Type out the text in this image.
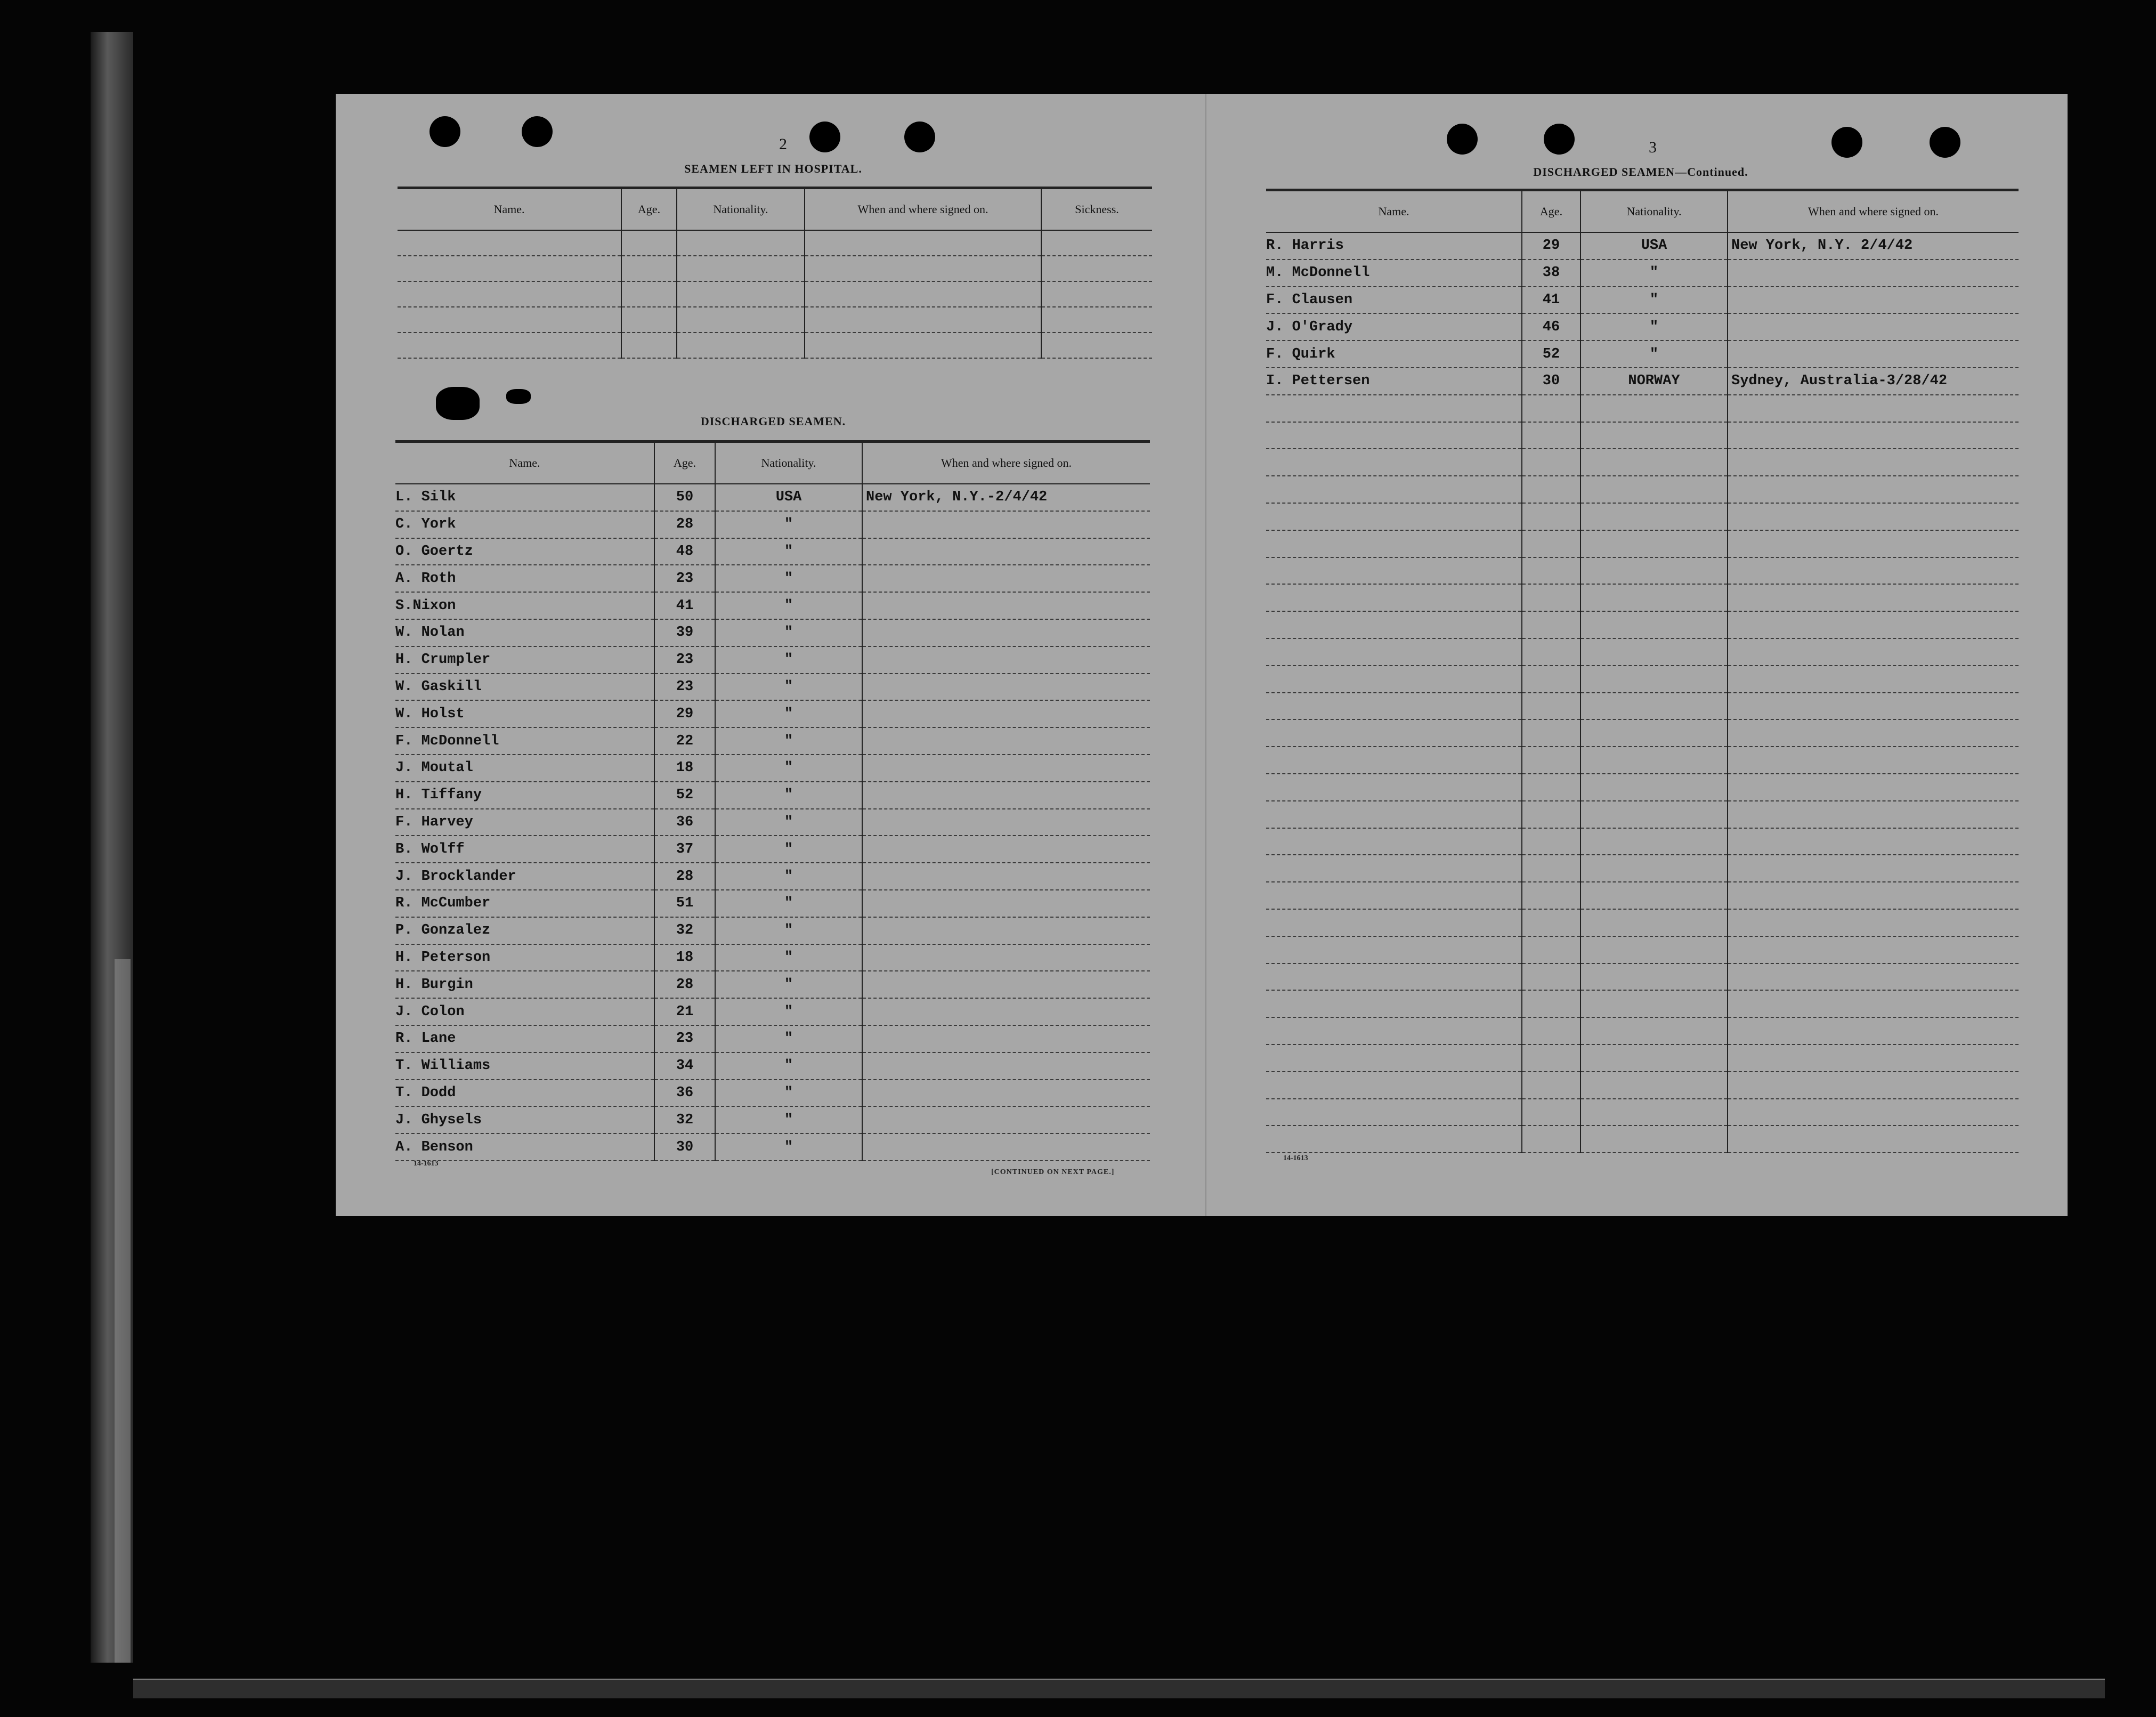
2
SEAMEN LEFT IN HOSPITAL.
Name.	Age.	Nationality.	When and where signed on.	Sickness.

DISCHARGED SEAMEN.
Name.	Age.	Nationality.	When and where signed on.
L. Silk	50	USA	New York, N.Y.-2/4/42
C. York	28	"	
O. Goertz	48	"	
A. Roth	23	"	
S.Nixon	41	"	
W. Nolan	39	"	
H. Crumpler	23	"	
W. Gaskill	23	"	
W. Holst	29	"	
F. McDonnell	22	"	
J. Moutal	18	"	
H. Tiffany	52	"	
F. Harvey	36	"	
B. Wolff	37	"	
J. Brocklander	28	"	
R. McCumber	51	"	
P. Gonzalez	32	"	
H. Peterson	18	"	
H. Burgin	28	"	
J. Colon	21	"	
R. Lane	23	"	
T. Williams	34	"	
T. Dodd	36	"	
J. Ghysels	32	"	
A. Benson	30	"	
14-1613
[CONTINUED ON NEXT PAGE.]
3
DISCHARGED SEAMEN—Continued.
Name.	Age.	Nationality.	When and where signed on.
R. Harris	29	USA	New York, N.Y. 2/4/42
M. McDonnell	38	"	
F. Clausen	41	"	
J. O'Grady	46	"	
F. Quirk	52	"	
I. Pettersen	30	NORWAY	Sydney, Australia-3/28/42

14-1613
